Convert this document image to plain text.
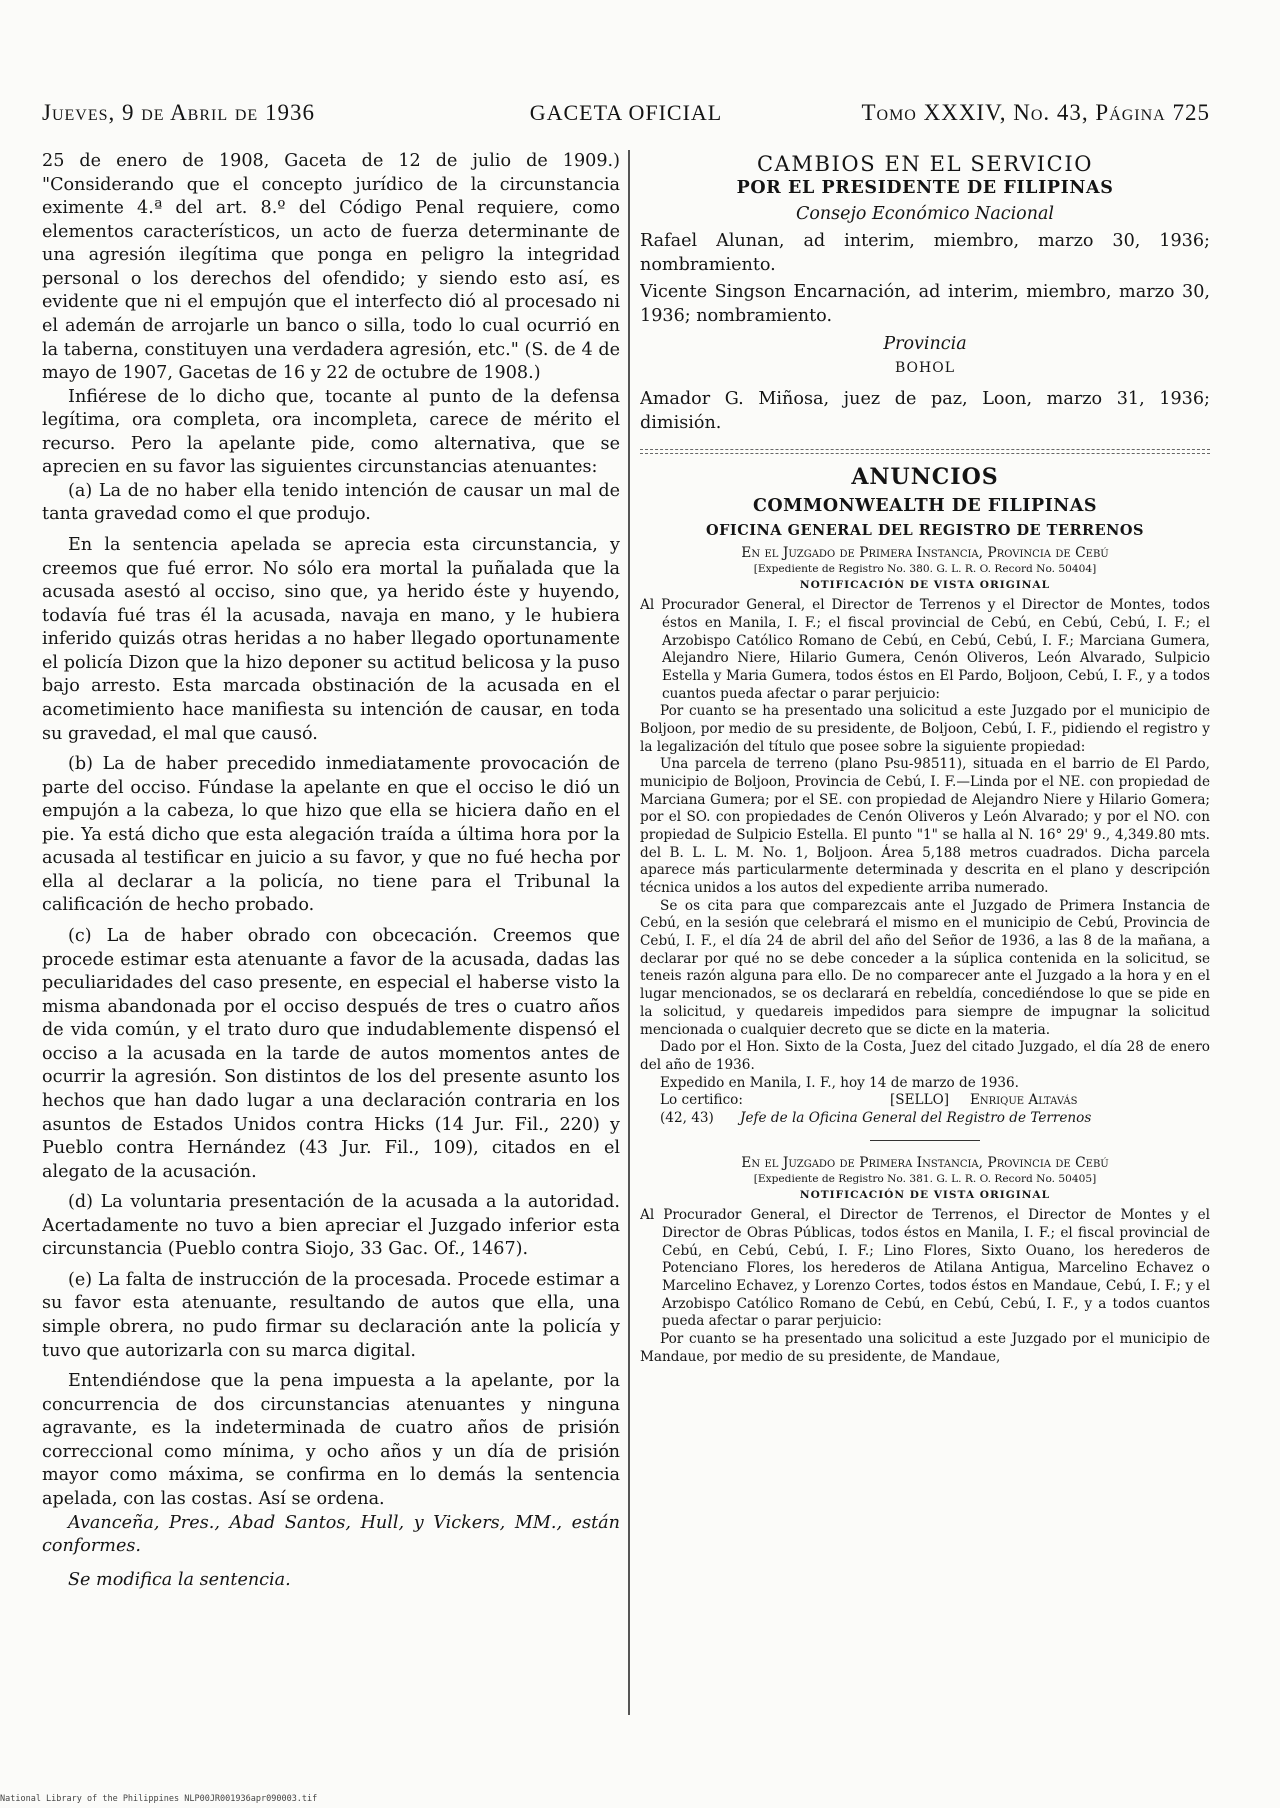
Jueves, 9 de Abril de 1936	GACETA OFICIAL	Tomo XXXIV, No. 43, Página 725

25 de enero de 1908, Gaceta de 12 de julio de 1909.) "Considerando que el concepto jurídico de la circunstancia eximente 4.ª del art. 8.º del Código Penal requiere, como elementos característicos, un acto de fuerza determinante de una agresión ilegítima que ponga en peligro la integridad personal o los derechos del ofendido; y siendo esto así, es evidente que ni el empujón que el interfecto dió al procesado ni el ademán de arrojarle un banco o silla, todo lo cual ocurrió en la taberna, constituyen una verdadera agresión, etc." (S. de 4 de mayo de 1907, Gacetas de 16 y 22 de octubre de 1908.)

Infiérese de lo dicho que, tocante al punto de la defensa legítima, ora completa, ora incompleta, carece de mérito el recurso. Pero la apelante pide, como alternativa, que se aprecien en su favor las siguientes circunstancias atenuantes:

(a) La de no haber ella tenido intención de causar un mal de tanta gravedad como el que produjo.

En la sentencia apelada se aprecia esta circunstancia, y creemos que fué error. No sólo era mortal la puñalada que la acusada asestó al occiso, sino que, ya herido éste y huyendo, todavía fué tras él la acusada, navaja en mano, y le hubiera inferido quizás otras heridas a no haber llegado oportunamente el policía Dizon que la hizo deponer su actitud belicosa y la puso bajo arresto. Esta marcada obstinación de la acusada en el acometimiento hace manifiesta su intención de causar, en toda su gravedad, el mal que causó.

(b) La de haber precedido inmediatamente provocación de parte del occiso. Fúndase la apelante en que el occiso le dió un empujón a la cabeza, lo que hizo que ella se hiciera daño en el pie. Ya está dicho que esta alegación traída a última hora por la acusada al testificar en juicio a su favor, y que no fué hecha por ella al declarar a la policía, no tiene para el Tribunal la calificación de hecho probado.

(c) La de haber obrado con obcecación. Creemos que procede estimar esta atenuante a favor de la acusada, dadas las peculiaridades del caso presente, en especial el haberse visto la misma abandonada por el occiso después de tres o cuatro años de vida común, y el trato duro que indudablemente dispensó el occiso a la acusada en la tarde de autos momentos antes de ocurrir la agresión. Son distintos de los del presente asunto los hechos que han dado lugar a una declaración contraria en los asuntos de Estados Unidos contra Hicks (14 Jur. Fil., 220) y Pueblo contra Hernández (43 Jur. Fil., 109), citados en el alegato de la acusación.

(d) La voluntaria presentación de la acusada a la autoridad. Acertadamente no tuvo a bien apreciar el Juzgado inferior esta circunstancia (Pueblo contra Siojo, 33 Gac. Of., 1467).

(e) La falta de instrucción de la procesada. Procede estimar a su favor esta atenuante, resultando de autos que ella, una simple obrera, no pudo firmar su declaración ante la policía y tuvo que autorizarla con su marca digital.

Entendiéndose que la pena impuesta a la apelante, por la concurrencia de dos circunstancias atenuantes y ninguna agravante, es la indeterminada de cuatro años de prisión correccional como mínima, y ocho años y un día de prisión mayor como máxima, se confirma en lo demás la sentencia apelada, con las costas. Así se ordena.

Avanceña, Pres., Abad Santos, Hull, y Vickers, MM., están conformes.

Se modifica la sentencia.

CAMBIOS EN EL SERVICIO
POR EL PRESIDENTE DE FILIPINAS
Consejo Económico Nacional

Rafael Alunan, ad interim, miembro, marzo 30, 1936; nombramiento.

Vicente Singson Encarnación, ad interim, miembro, marzo 30, 1936; nombramiento.

Provincia
BOHOL

Amador G. Miñosa, juez de paz, Loon, marzo 31, 1936; dimisión.

ANUNCIOS
COMMONWEALTH DE FILIPINAS
OFICINA GENERAL DEL REGISTRO DE TERRENOS
En el Juzgado de Primera Instancia, Provincia de Cebú
[Expediente de Registro No. 380. G. L. R. O. Record No. 50404]
NOTIFICACIÓN DE VISTA ORIGINAL

Al Procurador General, el Director de Terrenos y el Director de Montes, todos éstos en Manila, I. F.; el fiscal provincial de Cebú, en Cebú, Cebú, I. F.; el Arzobispo Católico Romano de Cebú, en Cebú, Cebú, I. F.; Marciana Gumera, Alejandro Niere, Hilario Gumera, Cenón Oliveros, León Alvarado, Sulpicio Estella y Maria Gumera, todos éstos en El Pardo, Boljoon, Cebú, I. F., y a todos cuantos pueda afectar o parar perjuicio:

Por cuanto se ha presentado una solicitud a este Juzgado por el municipio de Boljoon, por medio de su presidente, de Boljoon, Cebú, I. F., pidiendo el registro y la legalización del título que posee sobre la siguiente propiedad:

Una parcela de terreno (plano Psu-98511), situada en el barrio de El Pardo, municipio de Boljoon, Provincia de Cebú, I. F.—Linda por el NE. con propiedad de Marciana Gumera; por el SE. con propiedad de Alejandro Niere y Hilario Gomera; por el SO. con propiedades de Cenón Oliveros y León Alvarado; y por el NO. con propiedad de Sulpicio Estella. El punto "1" se halla al N. 16° 29' 9., 4,349.80 mts. del B. L. L. M. No. 1, Boljoon. Área 5,188 metros cuadrados. Dicha parcela aparece más particularmente determinada y descrita en el plano y descripción técnica unidos a los autos del expediente arriba numerado.

Se os cita para que comparezcais ante el Juzgado de Primera Instancia de Cebú, en la sesión que celebrará el mismo en el municipio de Cebú, Provincia de Cebú, I. F., el día 24 de abril del año del Señor de 1936, a las 8 de la mañana, a declarar por qué no se debe conceder a la súplica contenida en la solicitud, se teneis razón alguna para ello. De no comparecer ante el Juzgado a la hora y en el lugar mencionados, se os declarará en rebeldía, concediéndose lo que se pide en la solicitud, y quedareis impedidos para siempre de impugnar la solicitud mencionada o cualquier decreto que se dicte en la materia.

Dado por el Hon. Sixto de la Costa, Juez del citado Juzgado, el día 28 de enero del año de 1936.

Expedido en Manila, I. F., hoy 14 de marzo de 1936.

Lo certifico:	[SELLO] Enrique Altavás
(42, 43) Jefe de la Oficina General del Registro de Terrenos
En el Juzgado de Primera Instancia, Provincia de Cebú
[Expediente de Registro No. 381. G. L. R. O. Record No. 50405]
NOTIFICACIÓN DE VISTA ORIGINAL

Al Procurador General, el Director de Terrenos, el Director de Montes y el Director de Obras Públicas, todos éstos en Manila, I. F.; el fiscal provincial de Cebú, en Cebú, Cebú, I. F.; Lino Flores, Sixto Ouano, los herederos de Potenciano Flores, los herederos de Atilana Antigua, Marcelino Echavez o Marcelino Echavez, y Lorenzo Cortes, todos éstos en Mandaue, Cebú, I. F.; y el Arzobispo Católico Romano de Cebú, en Cebú, Cebú, I. F., y a todos cuantos pueda afectar o parar perjuicio:

Por cuanto se ha presentado una solicitud a este Juzgado por el municipio de Mandaue, por medio de su presidente, de Mandaue,

National Library of the Philippines NLP00JR001936apr090003.tif
